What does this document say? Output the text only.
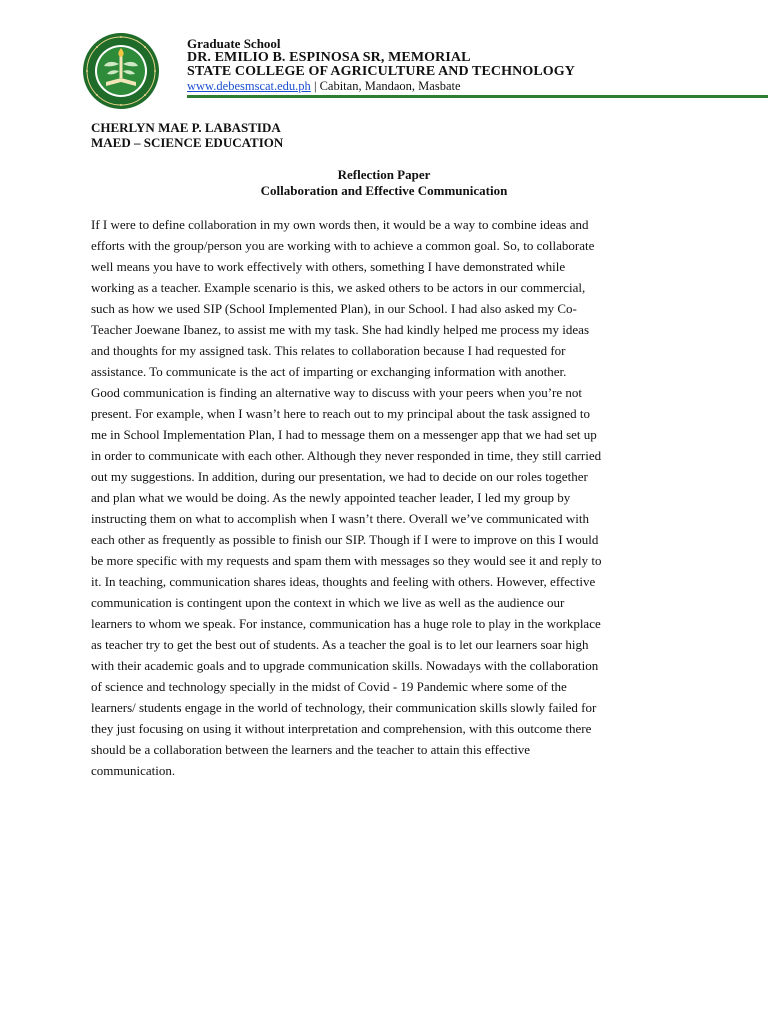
Graduate School
DR. EMILIO B. ESPINOSA SR, MEMORIAL
STATE COLLEGE OF AGRICULTURE AND TECHNOLOGY
www.debesmscat.edu.ph | Cabitan, Mandaon, Masbate
CHERLYN MAE P. LABASTIDA
MAED – SCIENCE EDUCATION
Reflection Paper
Collaboration and Effective Communication
If I were to define collaboration in my own words then, it would be a way to combine ideas and
efforts with the group/person you are working with to achieve a common goal. So, to collaborate
well means you have to work effectively with others, something I have demonstrated while
working as a teacher. Example scenario is this, we asked others to be actors in our commercial,
such as how we used SIP (School Implemented Plan), in our School. I had also asked my Co-
Teacher Joewane Ibanez, to assist me with my task. She had kindly helped me process my ideas
and thoughts for my assigned task. This relates to collaboration because I had requested for
assistance. To communicate is the act of imparting or exchanging information with another.
Good communication is finding an alternative way to discuss with your peers when you’re not
present. For example, when I wasn’t here to reach out to my principal about the task assigned to
me in School Implementation Plan, I had to message them on a messenger app that we had set up
in order to communicate with each other. Although they never responded in time, they still carried
out my suggestions. In addition, during our presentation, we had to decide on our roles together
and plan what we would be doing. As the newly appointed teacher leader, I led my group by
instructing them on what to accomplish when I wasn’t there. Overall we’ve communicated with
each other as frequently as possible to finish our SIP. Though if I were to improve on this I would
be more specific with my requests and spam them with messages so they would see it and reply to
it. In teaching, communication shares ideas, thoughts and feeling with others. However, effective
communication is contingent upon the context in which we live as well as the audience our
learners to whom we speak. For instance, communication has a huge role to play in the workplace
as teacher try to get the best out of students. As a teacher the goal is to let our learners soar high
with their academic goals and to upgrade communication skills. Nowadays with the collaboration
of science and technology specially in the midst of Covid - 19 Pandemic where some of the
learners/ students engage in the world of technology, their communication skills slowly failed for
they just focusing on using it without interpretation and comprehension, with this outcome there
should be a collaboration between the learners and the teacher to attain this effective
communication.
